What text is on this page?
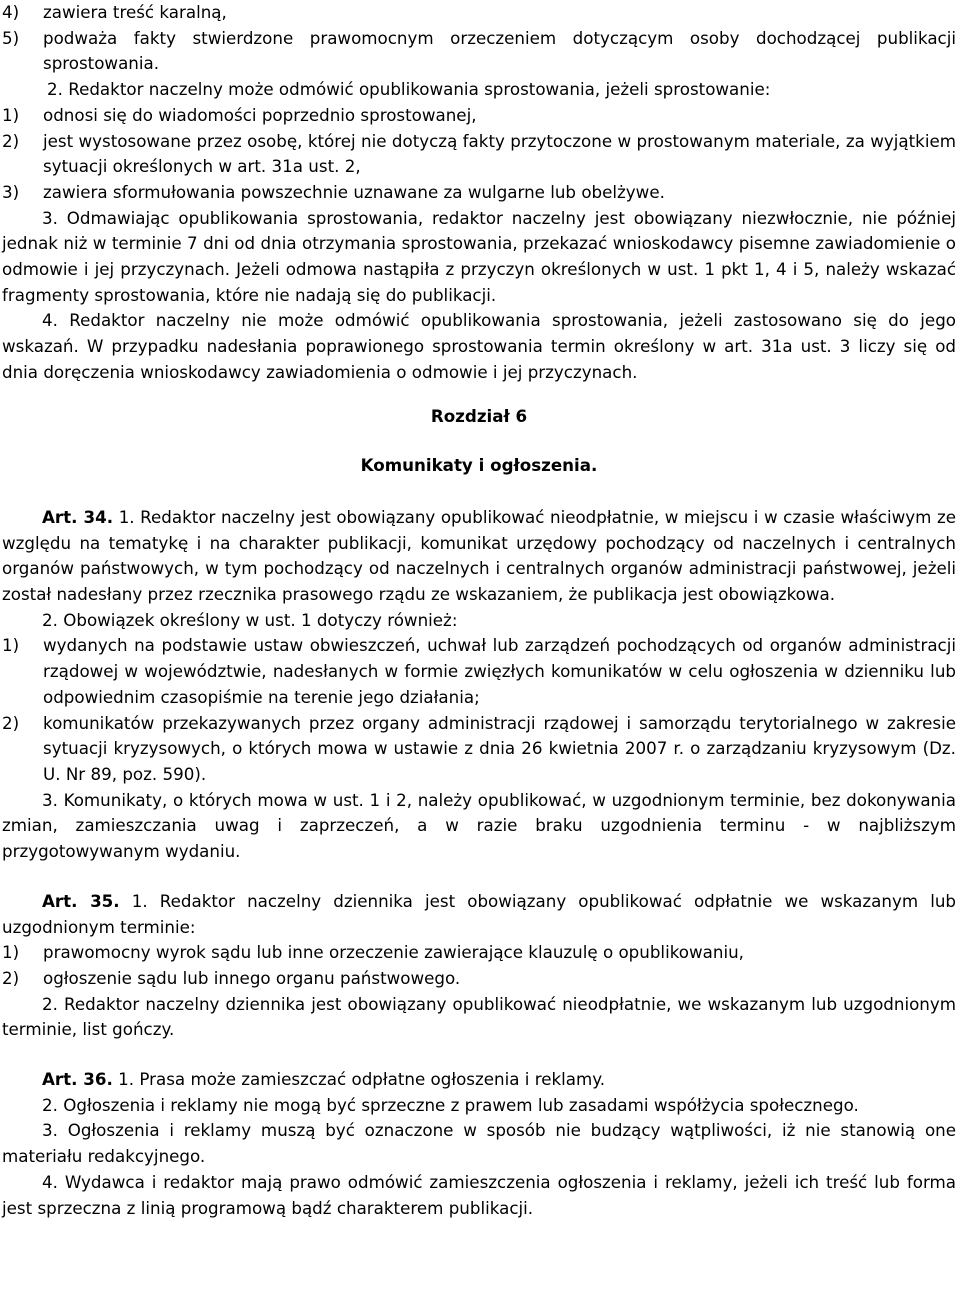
4)	zawiera treść karalną,
5)	podważa fakty stwierdzone prawomocnym orzeczeniem dotyczącym osoby dochodzącej publikacji sprostowania.

2. Redaktor naczelny może odmówić opublikowania sprostowania, jeżeli sprostowanie:

1)	odnosi się do wiadomości poprzednio sprostowanej,
2)	jest wystosowane przez osobę, której nie dotyczą fakty przytoczone w prostowanym materiale, za wyjątkiem sytuacji określonych w art. 31a ust. 2,
3)	zawiera sformułowania powszechnie uznawane za wulgarne lub obelżywe.

3. Odmawiając opublikowania sprostowania, redaktor naczelny jest obowiązany niezwłocznie, nie później jednak niż w terminie 7 dni od dnia otrzymania sprostowania, przekazać wnioskodawcy pisemne zawiadomienie o odmowie i jej przyczynach. Jeżeli odmowa nastąpiła z przyczyn określonych w ust. 1 pkt 1, 4 i 5, należy wskazać fragmenty sprostowania, które nie nadają się do publikacji.

4. Redaktor naczelny nie może odmówić opublikowania sprostowania, jeżeli zastosowano się do jego wskazań. W przypadku nadesłania poprawionego sprostowania termin określony w art. 31a ust. 3 liczy się od dnia doręczenia wnioskodawcy zawiadomienia o odmowie i jej przyczynach.

Rozdział 6

Komunikaty i ogłoszenia.

Art. 34. 1. Redaktor naczelny jest obowiązany opublikować nieodpłatnie, w miejscu i w czasie właściwym ze względu na tematykę i na charakter publikacji, komunikat urzędowy pochodzący od naczelnych i centralnych organów państwowych, w tym pochodzący od naczelnych i centralnych organów administracji państwowej, jeżeli został nadesłany przez rzecznika prasowego rządu ze wskazaniem, że publikacja jest obowiązkowa.

2. Obowiązek określony w ust. 1 dotyczy również:

1)	wydanych na podstawie ustaw obwieszczeń, uchwał lub zarządzeń pochodzących od organów administracji rządowej w województwie, nadesłanych w formie zwięzłych komunikatów w celu ogłoszenia w dzienniku lub odpowiednim czasopiśmie na terenie jego działania;
2)	komunikatów przekazywanych przez organy administracji rządowej i samorządu terytorialnego w zakresie sytuacji kryzysowych, o których mowa w ustawie z dnia 26 kwietnia 2007 r. o zarządzaniu kryzysowym (Dz. U. Nr 89, poz. 590).

3. Komunikaty, o których mowa w ust. 1 i 2, należy opublikować, w uzgodnionym terminie, bez dokonywania zmian, zamieszczania uwag i zaprzeczeń, a w razie braku uzgodnienia terminu - w najbliższym przygotowywanym wydaniu.

Art. 35. 1. Redaktor naczelny dziennika jest obowiązany opublikować odpłatnie we wskazanym lub uzgodnionym terminie:

1)	prawomocny wyrok sądu lub inne orzeczenie zawierające klauzulę o opublikowaniu,
2)	ogłoszenie sądu lub innego organu państwowego.

2. Redaktor naczelny dziennika jest obowiązany opublikować nieodpłatnie, we wskazanym lub uzgodnionym terminie, list gończy.

Art. 36. 1. Prasa może zamieszczać odpłatne ogłoszenia i reklamy.

2. Ogłoszenia i reklamy nie mogą być sprzeczne z prawem lub zasadami współżycia społecznego.

3. Ogłoszenia i reklamy muszą być oznaczone w sposób nie budzący wątpliwości, iż nie stanowią one materiału redakcyjnego.

4. Wydawca i redaktor mają prawo odmówić zamieszczenia ogłoszenia i reklamy, jeżeli ich treść lub forma jest sprzeczna z linią programową bądź charakterem publikacji.
